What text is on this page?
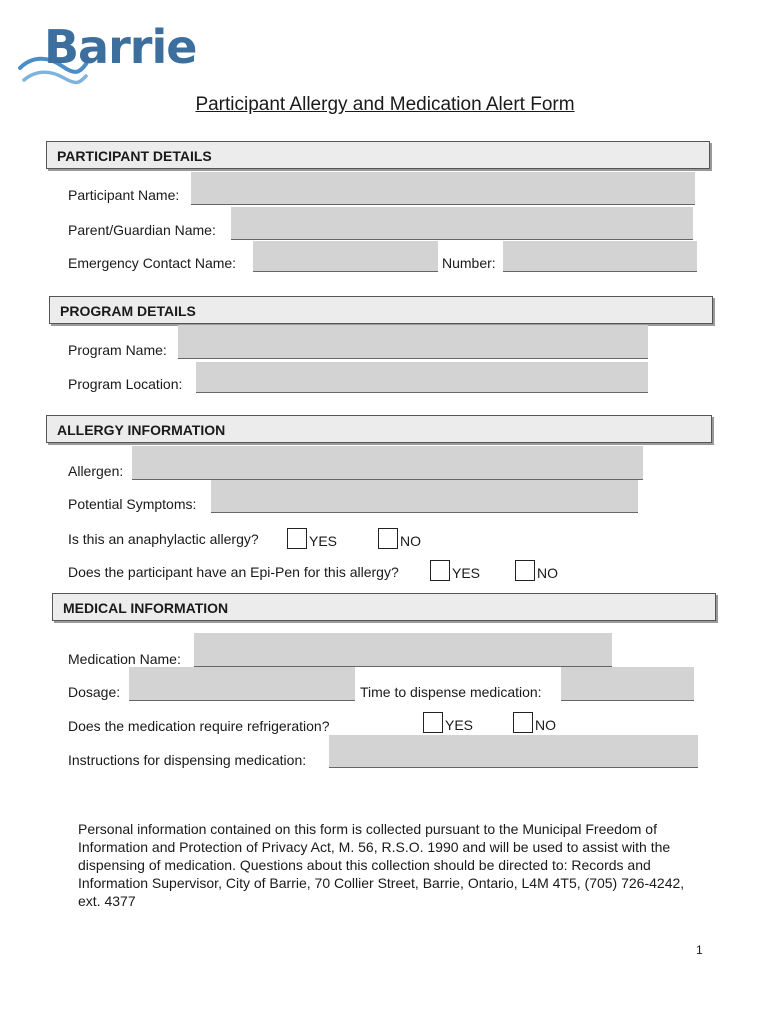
Barrie
Participant Allergy and Medication Alert Form
PARTICIPANT DETAILS
Participant Name:
Parent/Guardian Name:
Emergency Contact Name:	Number:
PROGRAM DETAILS
Program Name:
Program Location:
ALLERGY INFORMATION
Allergen:
Potential Symptoms:
Is this an anaphylactic allergy?	YES	NO
Does the participant have an Epi-Pen for this allergy?	YES	NO
MEDICAL INFORMATION
Medication Name:
Dosage:	Time to dispense medication:
Does the medication require refrigeration?	YES	NO
Instructions for dispensing medication:
Personal information contained on this form is collected pursuant to the Municipal Freedom of Information and Protection of Privacy Act, M. 56, R.S.O. 1990 and will be used to assist with the dispensing of medication. Questions about this collection should be directed to: Records and Information Supervisor, City of Barrie, 70 Collier Street, Barrie, Ontario, L4M 4T5, (705) 726-4242, ext. 4377
1
